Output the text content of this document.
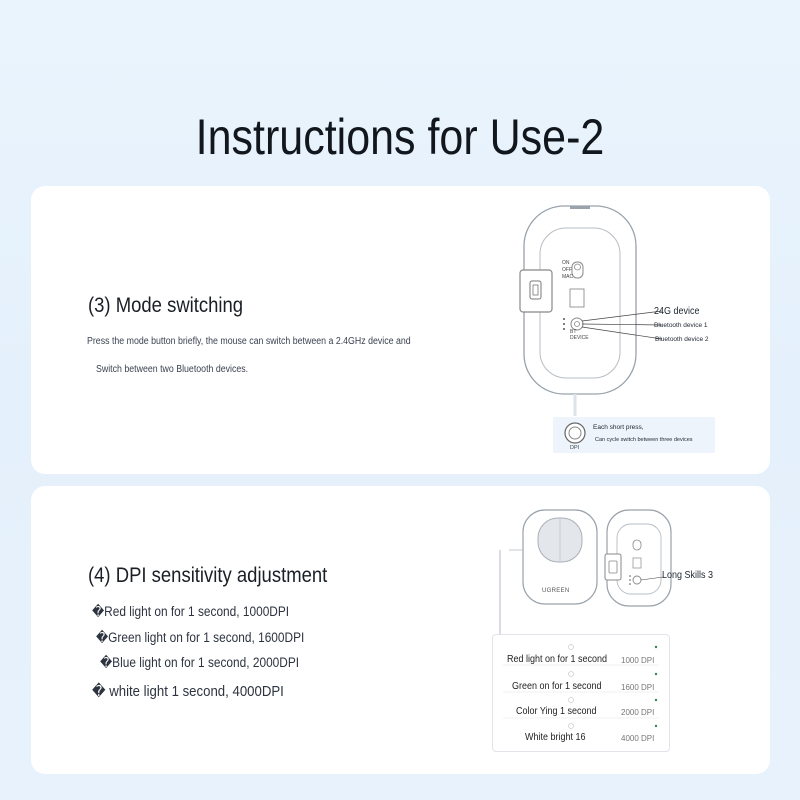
Instructions for Use-2
(3) Mode switching
Press the mode button briefly, the mouse can switch between a 2.4GHz device and
Switch between two Bluetooth devices.
ON
OFF
MAC
BT
DEVICE
24G device
Bluetooth device 1
Bluetooth device 2
DPI
Each short press,
Can cycle switch between three devices
(4) DPI sensitivity adjustment
�Red light on for 1 second, 1000DPI
�Green light on for 1 second, 1600DPI
�Blue light on for 1 second, 2000DPI
� white light 1 second, 4000DPI
UGREEN
Long Skills 3
Red light on for 1 second 1000 DPI
Green on for 1 second 1600 DPI
Color Ying 1 second	2000 DPI
White bright 16	4000 DPI
